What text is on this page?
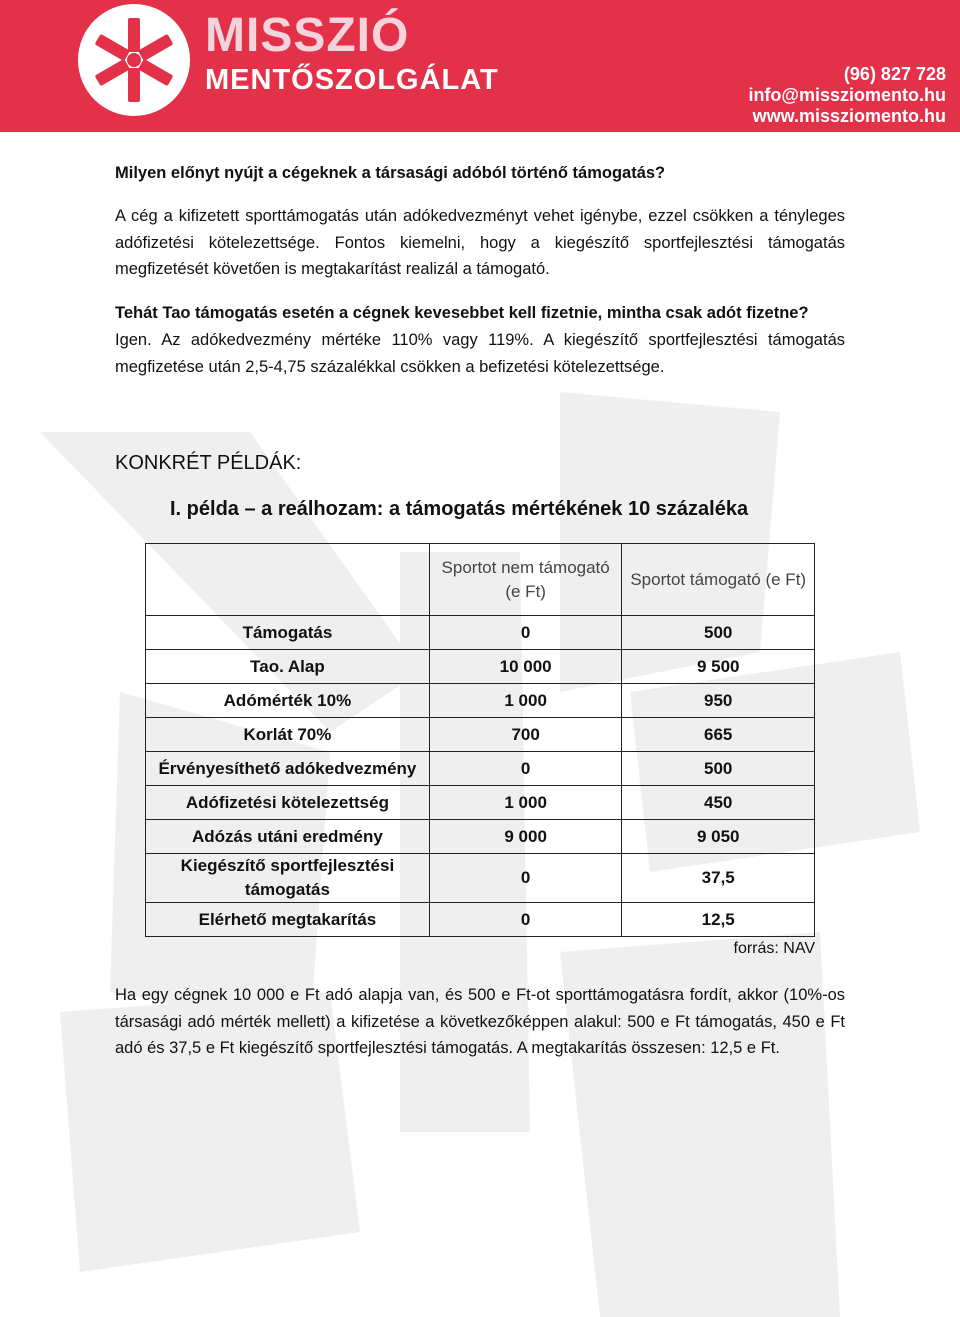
MISSZIÓ
MENTŐSZOLGÁLAT	(96) 827 728
info@missziomento.hu
www.missziomento.hu
Milyen előnyt nyújt a cégeknek a társasági adóból történő támogatás?
A cég a kifizetett sporttámogatás után adókedvezményt vehet igénybe, ezzel csökken a tényleges adófizetési kötelezettsége. Fontos kiemelni, hogy a kiegészítő sportfejlesztési támogatás megfizetését követően is megtakarítást realizál a támogató.
Tehát Tao támogatás esetén a cégnek kevesebbet kell fizetnie, mintha csak adót fizetne?
Igen. Az adókedvezmény mértéke 110% vagy 119%. A kiegészítő sportfejlesztési támogatás megfizetése után 2,5-4,75 százalékkal csökken a befizetési kötelezettsége.
KONKRÉT PÉLDÁK:
I. példa – a reálhozam: a támogatás mértékének 10 százaléka
	Sportot nem támogató (e Ft)	Sportot támogató (e Ft)
Támogatás	0	500
Tao. Alap	10 000	9 500
Adómérték 10%	1 000	950
Korlát 70%	700	665
Érvényesíthető adókedvezmény	0	500
Adófizetési kötelezettség	1 000	450
Adózás utáni eredmény	9 000	9 050
Kiegészítő sportfejlesztési támogatás	0	37,5
Elérhető megtakarítás	0	12,5
forrás: NAV
Ha egy cégnek 10 000 e Ft adó alapja van, és 500 e Ft-ot sporttámogatásra fordít, akkor (10%-os társasági adó mérték mellett) a kifizetése a következőképpen alakul: 500 e Ft támogatás, 450 e Ft adó és 37,5 e Ft kiegészítő sportfejlesztési támogatás. A megtakarítás összesen: 12,5 e Ft.
